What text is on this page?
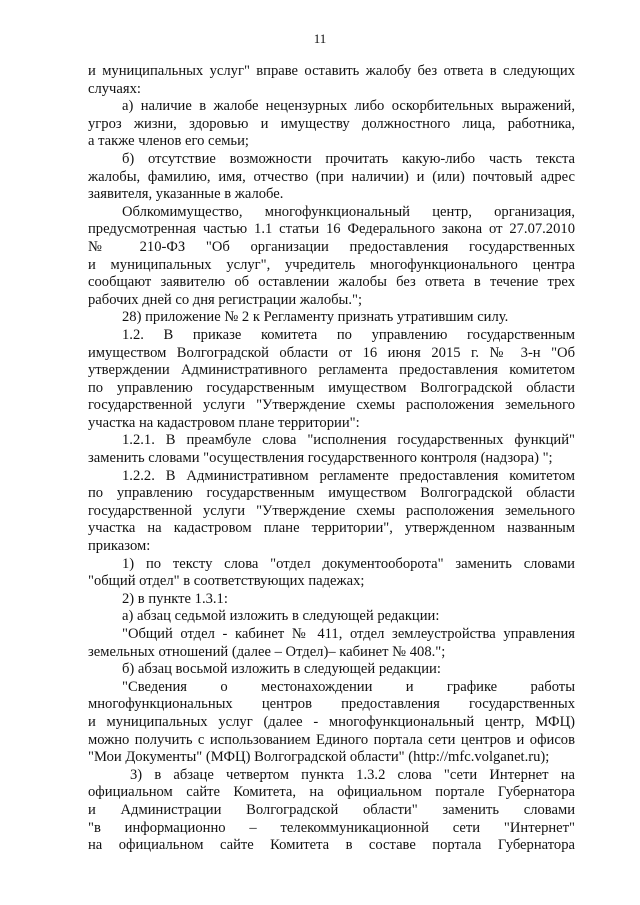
11
и муниципальных услуг" вправе оставить жалобу без ответа в следующих
случаях:
а) наличие в жалобе нецензурных либо оскорбительных выражений,
угроз жизни, здоровью и имуществу должностного лица, работника,
а также членов его семьи;
б) отсутствие возможности прочитать какую-либо часть текста
жалобы, фамилию, имя, отчество (при наличии) и (или) почтовый адрес
заявителя, указанные в жалобе.
Облкомимущество, многофункциональный центр, организация,
предусмотренная частью 1.1 статьи 16 Федерального закона от 27.07.2010
№ 210-ФЗ "Об организации предоставления государственных
и муниципальных услуг", учредитель многофункционального центра
сообщают заявителю об оставлении жалобы без ответа в течение трех
рабочих дней со дня регистрации жалобы.";
28) приложение № 2 к Регламенту признать утратившим силу.
1.2. В приказе комитета по управлению государственным
имуществом Волгоградской области от 16 июня 2015 г. № 3-н "Об
утверждении Административного регламента предоставления комитетом
по управлению государственным имуществом Волгоградской области
государственной услуги "Утверждение схемы расположения земельного
участка на кадастровом плане территории":
1.2.1. В преамбуле слова "исполнения государственных функций"
заменить словами "осуществления государственного контроля (надзора) ";
1.2.2. В Административном регламенте предоставления комитетом
по управлению государственным имуществом Волгоградской области
государственной услуги "Утверждение схемы расположения земельного
участка на кадастровом плане территории", утвержденном названным
приказом:
1) по тексту слова "отдел документооборота" заменить словами
"общий отдел" в соответствующих падежах;
2) в пункте 1.3.1:
а) абзац седьмой изложить в следующей редакции:
"Общий отдел - кабинет № 411, отдел землеустройства управления
земельных отношений (далее – Отдел)– кабинет № 408.";
б) абзац восьмой изложить в следующей редакции:
"Сведения о местонахождении и графике работы
многофункциональных центров предоставления государственных
и муниципальных услуг (далее - многофункциональный центр, МФЦ)
можно получить с использованием Единого портала сети центров и офисов
"Мои Документы" (МФЦ) Волгоградской области" (http://mfc.volganet.ru);
3) в абзаце четвертом пункта 1.3.2 слова "сети Интернет на
официальном сайте Комитета, на официальном портале Губернатора
и Администрации Волгоградской области" заменить словами
"в информационно – телекоммуникационной сети "Интернет"
на официальном сайте Комитета в составе портала Губернатора
